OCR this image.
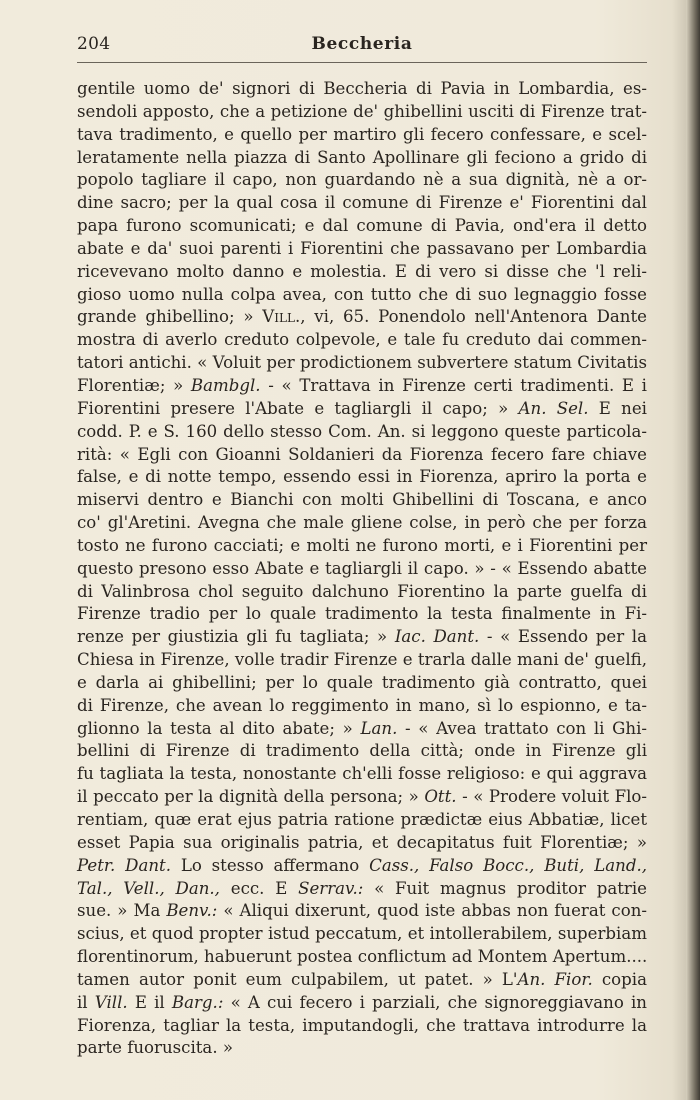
204	Beccheria
gentile uomo de' signori di Beccheria di Pavia in Lombardia, es-
sendoli apposto, che a petizione de' ghibellini usciti di Firenze trat-
tava tradimento, e quello per martiro gli fecero confessare, e scel-
leratamente nella piazza di Santo Apollinare gli feciono a grido di
popolo tagliare il capo, non guardando nè a sua dignità, nè a or-
dine sacro; per la qual cosa il comune di Firenze e' Fiorentini dal
papa furono scomunicati; e dal comune di Pavia, ond'era il detto
abate e da' suoi parenti i Fiorentini che passavano per Lombardia
ricevevano molto danno e molestia. E di vero si disse che 'l reli-
gioso uomo nulla colpa avea, con tutto che di suo legnaggio fosse
grande ghibellino; » Vill., vi, 65. Ponendolo nell'Antenora Dante
mostra di averlo creduto colpevole, e tale fu creduto dai commen-
tatori antichi. « Voluit per prodictionem subvertere statum Civitatis
Florentiæ; » Bambgl. - « Trattava in Firenze certi tradimenti. E i
Fiorentini presere l'Abate e tagliargli il capo; » An. Sel. E nei
codd. P. e S. 160 dello stesso Com. An. si leggono queste particola-
rità: « Egli con Gioanni Soldanieri da Fiorenza fecero fare chiave
false, e di notte tempo, essendo essi in Fiorenza, apriro la porta e
miservi dentro e Bianchi con molti Ghibellini di Toscana, e anco
co' gl'Aretini. Avegna che male gliene colse, in però che per forza
tosto ne furono cacciati; e molti ne furono morti, e i Fiorentini per
questo presono esso Abate e tagliargli il capo. » - « Essendo abatte
di Valinbrosa chol seguito dalchuno Fiorentino la parte guelfa di
Firenze tradio per lo quale tradimento la testa finalmente in Fi-
renze per giustizia gli fu tagliata; » Iac. Dant. - « Essendo per la
Chiesa in Firenze, volle tradir Firenze e trarla dalle mani de' guelfi,
e darla ai ghibellini; per lo quale tradimento già contratto, quei
di Firenze, che avean lo reggimento in mano, sì lo espionno, e ta-
glionno la testa al dito abate; » Lan. - « Avea trattato con li Ghi-
bellini di Firenze di tradimento della città; onde in Firenze gli
fu tagliata la testa, nonostante ch'elli fosse religioso: e qui aggrava
il peccato per la dignità della persona; » Ott. - « Prodere voluit Flo-
rentiam, quæ erat ejus patria ratione prædictæ eius Abbatiæ, licet
esset Papia sua originalis patria, et decapitatus fuit Florentiæ; »
Petr. Dant. Lo stesso affermano Cass., Falso Bocc., Buti, Land.,
Tal., Vell., Dan., ecc. E Serrav.: « Fuit magnus proditor patrie
sue. » Ma Benv.: « Aliqui dixerunt, quod iste abbas non fuerat con-
scius, et quod propter istud peccatum, et intollerabilem, superbiam
florentinorum, habuerunt postea conflictum ad Montem Apertum....
tamen autor ponit eum culpabilem, ut patet. » L'An. Fior. copia
il Vill. E il Barg.: « A cui fecero i parziali, che signoreggiavano in
Fiorenza, tagliar la testa, imputandogli, che trattava introdurre la
parte fuoruscita. »
